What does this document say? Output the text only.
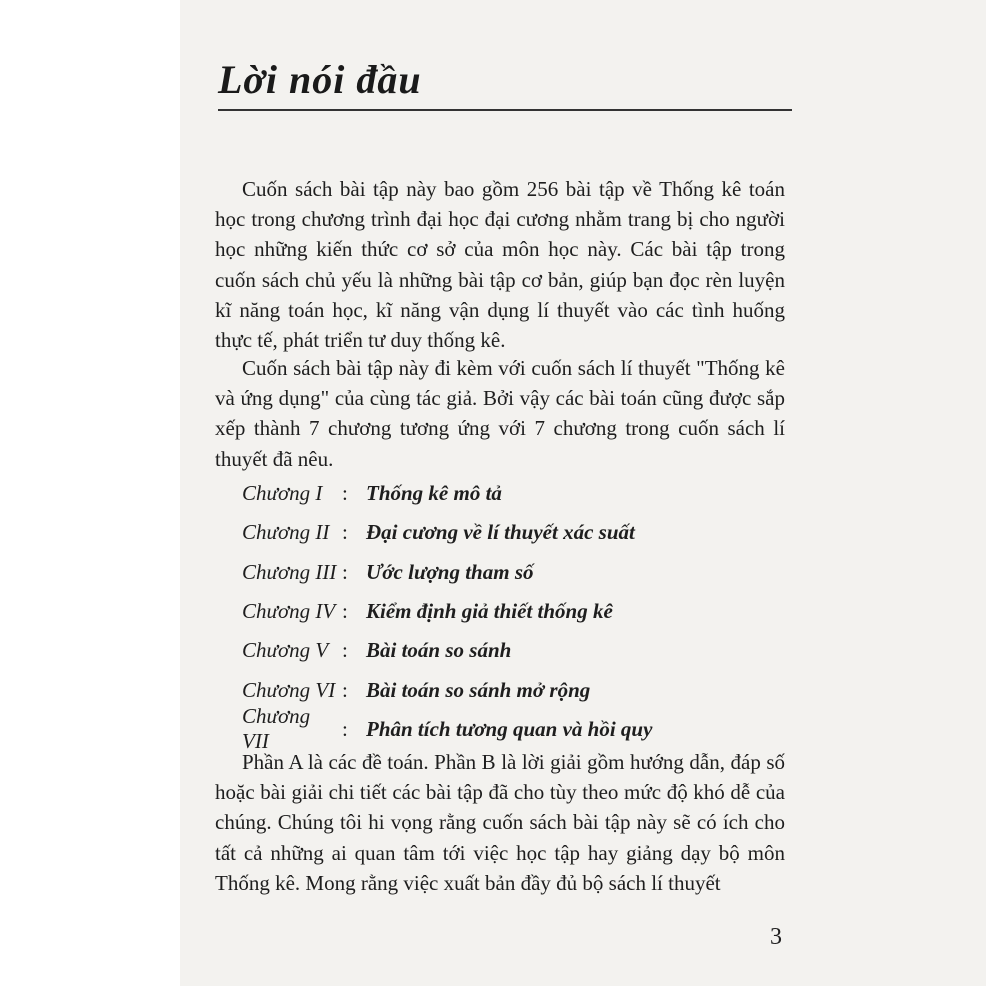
Lời nói đầu

Cuốn sách bài tập này bao gồm 256 bài tập về Thống kê toán học trong chương trình đại học đại cương nhằm trang bị cho người học những kiến thức cơ sở của môn học này. Các bài tập trong cuốn sách chủ yếu là những bài tập cơ bản, giúp bạn đọc rèn luyện kĩ năng toán học, kĩ năng vận dụng lí thuyết vào các tình huống thực tế, phát triển tư duy thống kê.

Cuốn sách bài tập này đi kèm với cuốn sách lí thuyết "Thống kê và ứng dụng" của cùng tác giả. Bởi vậy các bài toán cũng được sắp xếp thành 7 chương tương ứng với 7 chương trong cuốn sách lí thuyết đã nêu.

Chương I : Thống kê mô tả
Chương II : Đại cương về lí thuyết xác suất
Chương III : Ước lượng tham số
Chương IV : Kiểm định giả thiết thống kê
Chương V : Bài toán so sánh
Chương VI : Bài toán so sánh mở rộng
Chương VII
: Phân tích tương quan và hồi quy

Phần A là các đề toán. Phần B là lời giải gồm hướng dẫn, đáp số hoặc bài giải chi tiết các bài tập đã cho tùy theo mức độ khó dễ của chúng. Chúng tôi hi vọng rằng cuốn sách bài tập này sẽ có ích cho tất cả những ai quan tâm tới việc học tập hay giảng dạy bộ môn Thống kê. Mong rằng việc xuất bản đầy đủ bộ sách lí thuyết

3
